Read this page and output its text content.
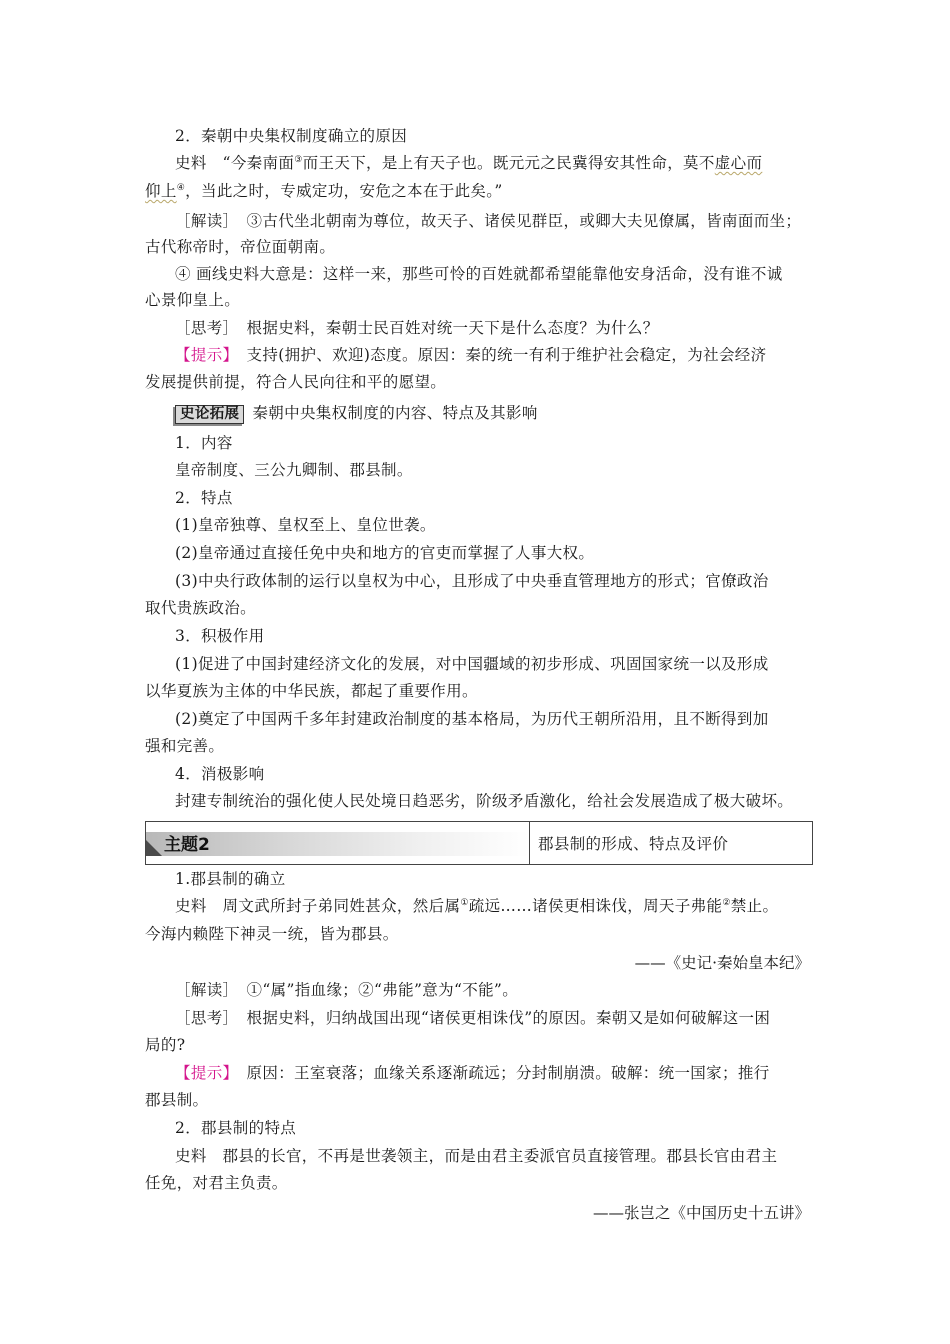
2．秦朝中央集权制度确立的原因
史料　“今秦南面③而王天下，是上有天子也。既元元之民冀得安其性命，莫不虚心而
仰上④，当此之时，专威定功，安危之本在于此矣。”
［解读］　③古代坐北朝南为尊位，故天子、诸侯见群臣，或卿大夫见僚属，皆南面而坐；
古代称帝时，帝位面朝南。
④ 画线史料大意是：这样一来，那些可怜的百姓就都希望能靠他安身活命，没有谁不诚
心景仰皇上。
［思考］　根据史料，秦朝士民百姓对统一天下是什么态度？为什么？
【提示】　支持(拥护、欢迎)态度。原因：秦的统一有利于维护社会稳定，为社会经济
发展提供前提，符合人民向往和平的愿望。
史论拓展 秦朝中央集权制度的内容、特点及其影响
1．内容
皇帝制度、三公九卿制、郡县制。
2．特点
(1)皇帝独尊、皇权至上、皇位世袭。
(2)皇帝通过直接任免中央和地方的官吏而掌握了人事大权。
(3)中央行政体制的运行以皇权为中心，且形成了中央垂直管理地方的形式；官僚政治
取代贵族政治。
3．积极作用
(1)促进了中国封建经济文化的发展，对中国疆域的初步形成、巩固国家统一以及形成
以华夏族为主体的中华民族，都起了重要作用。
(2)奠定了中国两千多年封建政治制度的基本格局，为历代王朝所沿用，且不断得到加
强和完善。
4．消极影响
封建专制统治的强化使人民处境日趋恶劣，阶级矛盾激化，给社会发展造成了极大破坏。
主题2	郡县制的形成、特点及评价
1.郡县制的确立
史料　周文武所封子弟同姓甚众，然后属①疏远……诸侯更相诛伐，周天子弗能②禁止。
今海内赖陛下神灵一统，皆为郡县。
——《史记·秦始皇本纪》
［解读］　①“属”指血缘；②“弗能”意为“不能”。
［思考］　根据史料，归纳战国出现“诸侯更相诛伐”的原因。秦朝又是如何破解这一困
局的?
【提示】　原因：王室衰落；血缘关系逐渐疏远；分封制崩溃。破解：统一国家；推行
郡县制。
2．郡县制的特点
史料　郡县的长官，不再是世袭领主，而是由君主委派官员直接管理。郡县长官由君主
任免，对君主负责。
——张岂之《中国历史十五讲》
